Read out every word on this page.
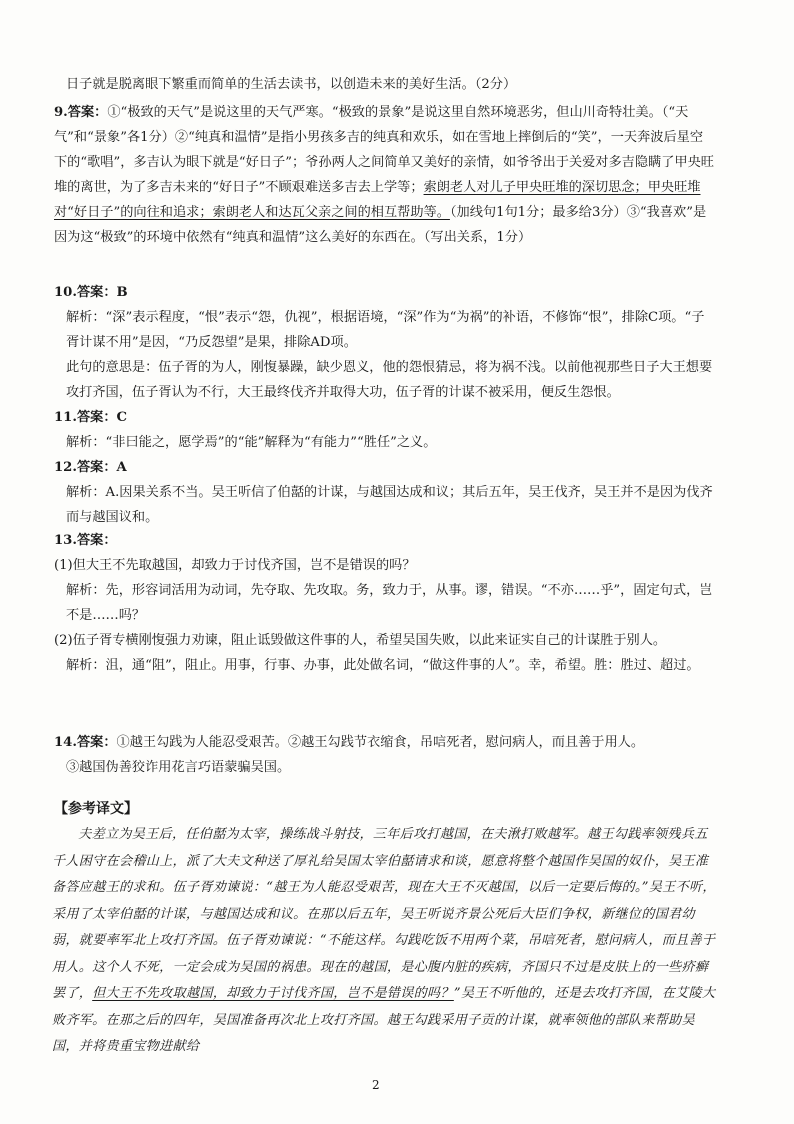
日子就是脱离眼下繁重而简单的生活去读书，以创造未来的美好生活。（2分）
9.答案：①“极致的天气”是说这里的天气严寒。“极致的景象”是说这里自然环境恶劣，但山川奇特壮美。（“天气”和“景象”各1分）②“纯真和温情”是指小男孩多吉的纯真和欢乐，如在雪地上摔倒后的“笑”，一天奔波后星空下的“歌唱”，多吉认为眼下就是“好日子”；爷孙两人之间简单又美好的亲情，如爷爷出于关爱对多吉隐瞒了甲央旺堆的离世，为了多吉未来的“好日子”不顾艰难送多吉去上学等；索朗老人对儿子甲央旺堆的深切思念；甲央旺堆对“好日子”的向往和追求；索朗老人和达瓦父亲之间的相互帮助等。（加线句1句1分；最多给3分）③“我喜欢”是因为这“极致”的环境中依然有“纯真和温情”这么美好的东西在。（写出关系，1分）
10.答案：B
解析：“深”表示程度，“恨”表示“怨，仇视”，根据语境，“深”作为“为祸”的补语，不修饰“恨”，排除C项。“子胥计谋不用”是因，“乃反怨望”是果，排除AD项。
此句的意思是：伍子胥的为人，刚愎暴躁，缺少恩义，他的怨恨猜忌，将为祸不浅。以前他视那些日子大王想要攻打齐国，伍子胥认为不行，大王最终伐齐并取得大功，伍子胥的计谋不被采用，便反生怨恨。
11.答案：C
解析：“非曰能之，愿学焉”的“能”解释为“有能力”“胜任”之义。
12.答案：A
解析：A.因果关系不当。吴王听信了伯嚭的计谋，与越国达成和议；其后五年，吴王伐齐，吴王并不是因为伐齐而与越国议和。
13.答案：
(1)但大王不先取越国，却致力于讨伐齐国，岂不是错误的吗？
解析：先，形容词活用为动词，先夺取、先攻取。务，致力于，从事。谬，错误。“不亦……乎”，固定句式，岂不是……吗？
(2)伍子胥专横刚愎强力劝谏，阻止诋毁做这件事的人，希望吴国失败，以此来证实自己的计谋胜于别人。
解析：沮，通“阻”，阻止。用事，行事、办事，此处做名词，“做这件事的人”。幸，希望。胜：胜过、超过。
14.答案：①越王勾践为人能忍受艰苦。②越王勾践节衣缩食，吊唁死者，慰问病人，而且善于用人。
③越国伪善狡诈用花言巧语蒙骗吴国。
【参考译文】
夫差立为吴王后，任伯嚭为太宰，操练战斗射技，三年后攻打越国，在夫湫打败越军。越王勾践率领残兵五千人困守在会稽山上，派了大夫文种送了厚礼给吴国太宰伯嚭请求和谈，愿意将整个越国作吴国的奴仆，吴王准备答应越王的求和。伍子胥劝谏说：“越王为人能忍受艰苦，现在大王不灭越国，以后一定要后悔的。”吴王不听，采用了太宰伯嚭的计谋，与越国达成和议。在那以后五年，吴王听说齐景公死后大臣们争权，新继位的国君幼弱，就要率军北上攻打齐国。伍子胥劝谏说：“不能这样。勾践吃饭不用两个菜，吊唁死者，慰问病人，而且善于用人。这个人不死，一定会成为吴国的祸患。现在的越国，是心腹内脏的疾病，齐国只不过是皮肤上的一些疥癣罢了，但大王不先攻取越国，却致力于讨伐齐国，岂不是错误的吗？”吴王不听他的，还是去攻打齐国，在艾陵大败齐军。在那之后的四年，吴国准备再次北上攻打齐国。越王勾践采用子贡的计谋，就率领他的部队来帮助吴国，并将贵重宝物进献给
2
